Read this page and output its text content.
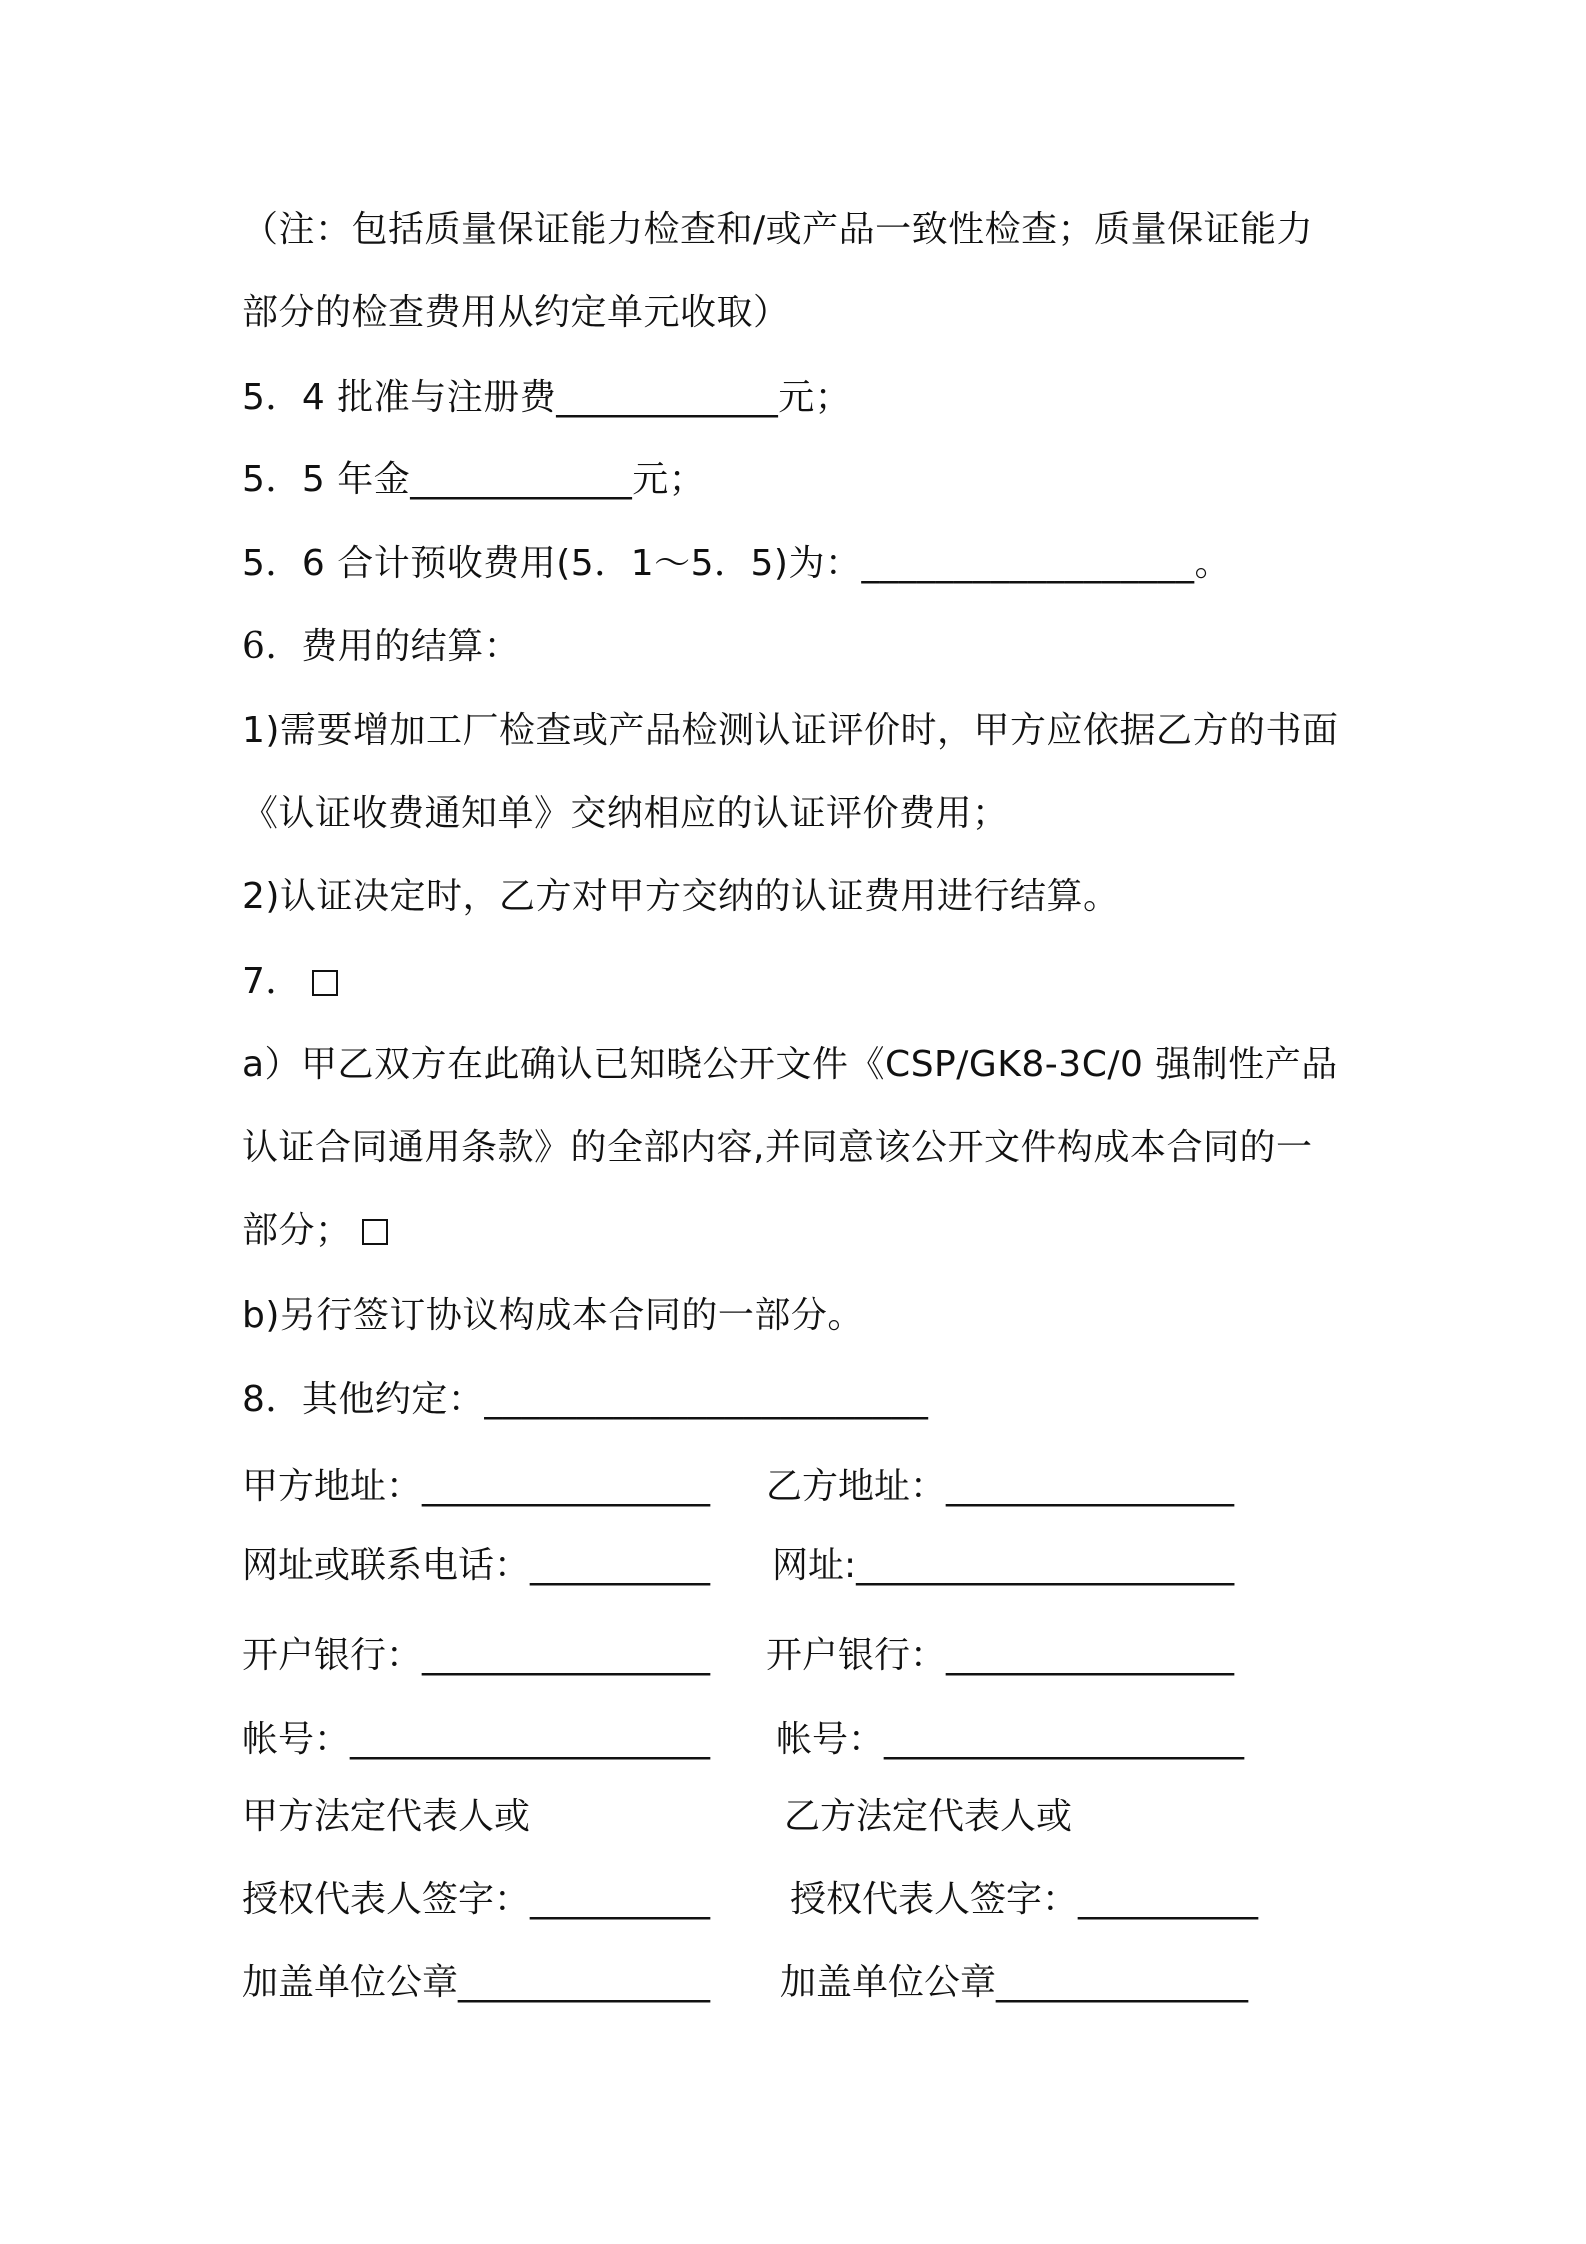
（注：包括质量保证能力检查和/或产品一致性检查；质量保证能力
部分的检查费用从约定单元收取）
5．4 批准与注册费____________元；
5．5 年金____________元；
5．6 合计预收费用(5．1～5．5)为：__________________。
6.  费用的结算：
1)需要增加工厂检查或产品检测认证评价时，甲方应依据乙方的书面
《认证收费通知单》交纳相应的认证评价费用；
2)认证决定时，乙方对甲方交纳的认证费用进行结算。
7．
a）甲乙双方在此确认已知晓公开文件《CSP/GK8-3C/0 强制性产品
认证合同通用条款》的全部内容,并同意该公开文件构成本合同的一
部分；
b)另行签订协议构成本合同的一部分。
8．其他约定：________________________
甲方地址：________________ 乙方地址：________________
网址或联系电话：__________ 网址:_____________________
开户银行：________________ 开户银行：________________
帐号：____________________ 帐号：____________________
甲方法定代表人或	乙方法定代表人或
授权代表人签字：__________ 授权代表人签字：__________
加盖单位公章______________ 加盖单位公章______________
